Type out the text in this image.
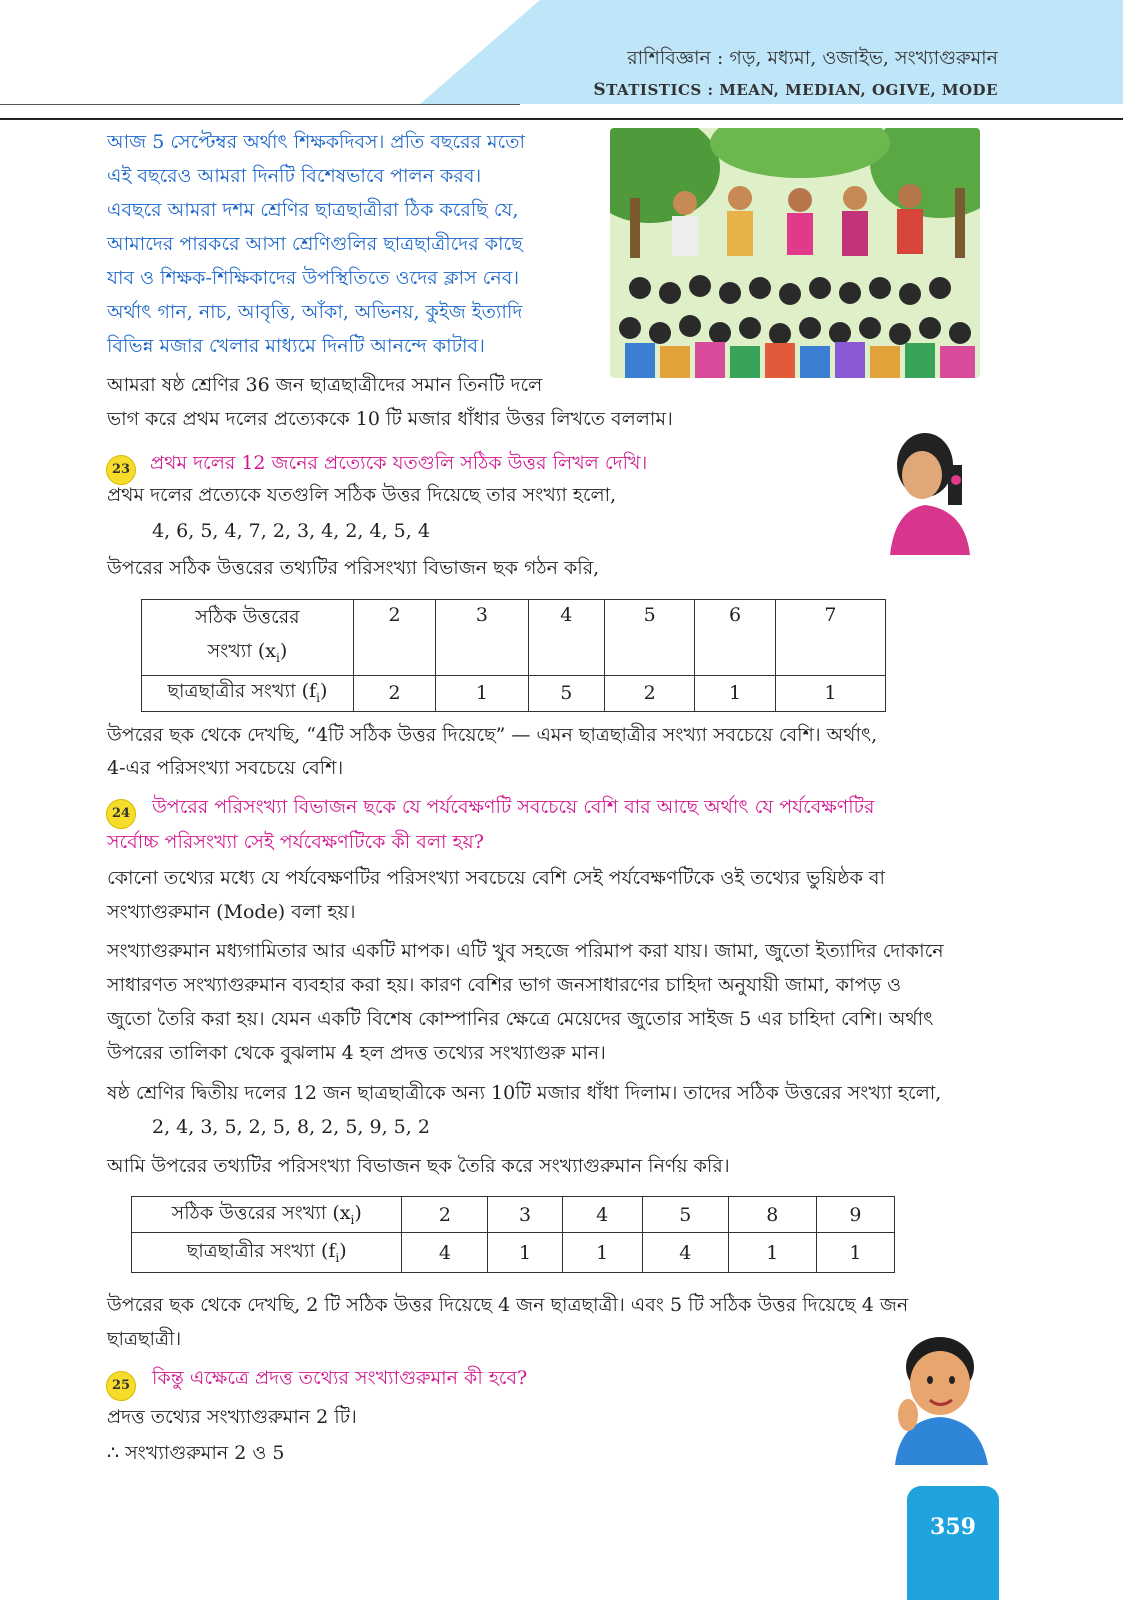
রাশিবিজ্ঞান : গড়, মধ্যমা, ওজাইভ, সংখ্যাগুরুমান
STATISTICS : MEAN, MEDIAN, OGIVE, MODE
আজ 5 সেপ্টেম্বর অর্থাৎ শিক্ষকদিবস। প্রতি বছরের মতো
এই বছরেও আমরা দিনটি বিশেষভাবে পালন করব।
এবছরে আমরা দশম শ্রেণির ছাত্রছাত্রীরা ঠিক করেছি যে,
আমাদের পারকরে আসা শ্রেণিগুলির ছাত্রছাত্রীদের কাছে
যাব ও শিক্ষক-শিক্ষিকাদের উপস্থিতিতে ওদের ক্লাস নেব।
অর্থাৎ গান, নাচ, আবৃত্তি, আঁকা, অভিনয়, কুইজ ইত্যাদি
বিভিন্ন মজার খেলার মাধ্যমে দিনটি আনন্দে কাটাব।
আমরা ষষ্ঠ শ্রেণির 36 জন ছাত্রছাত্রীদের সমান তিনটি দলে
ভাগ করে প্রথম দলের প্রত্যেককে 10 টি মজার ধাঁধার উত্তর লিখতে বললাম।
23	প্রথম দলের 12 জনের প্রত্যেকে যতগুলি সঠিক উত্তর লিখল দেখি।
প্রথম দলের প্রত্যেকে যতগুলি সঠিক উত্তর দিয়েছে তার সংখ্যা হলো,
4, 6, 5, 4, 7, 2, 3, 4, 2, 4, 5, 4
উপরের সঠিক উত্তরের তথ্যটির পরিসংখ্যা বিভাজন ছক গঠন করি,
সঠিক উত্তরের
সংখ্যা $(x_i)$	2	3	4	5	6	7
ছাত্রছাত্রীর সংখ্যা $(f_i)$	2	1	5	2	1	1
উপরের ছক থেকে দেখছি, “4টি সঠিক উত্তর দিয়েছে” — এমন ছাত্রছাত্রীর সংখ্যা সবচেয়ে বেশি। অর্থাৎ,
4-এর পরিসংখ্যা সবচেয়ে বেশি।
24	উপরের পরিসংখ্যা বিভাজন ছকে যে পর্যবেক্ষণটি সবচেয়ে বেশি বার আছে অর্থাৎ যে পর্যবেক্ষণটির
সর্বোচ্চ পরিসংখ্যা সেই পর্যবেক্ষণটিকে কী বলা হয়?
কোনো তথ্যের মধ্যে যে পর্যবেক্ষণটির পরিসংখ্যা সবচেয়ে বেশি সেই পর্যবেক্ষণটিকে ওই তথ্যের ভুয়িষ্ঠক বা
সংখ্যাগুরুমান (Mode) বলা হয়।
সংখ্যাগুরুমান মধ্যগামিতার আর একটি মাপক। এটি খুব সহজে পরিমাপ করা যায়। জামা, জুতো ইত্যাদির দোকানে
সাধারণত সংখ্যাগুরুমান ব্যবহার করা হয়। কারণ বেশির ভাগ জনসাধারণের চাহিদা অনুযায়ী জামা, কাপড় ও
জুতো তৈরি করা হয়। যেমন একটি বিশেষ কোম্পানির ক্ষেত্রে মেয়েদের জুতোর সাইজ 5 এর চাহিদা বেশি। অর্থাৎ
উপরের তালিকা থেকে বুঝলাম 4 হল প্রদত্ত তথ্যের সংখ্যাগুরু মান।
ষষ্ঠ শ্রেণির দ্বিতীয় দলের 12 জন ছাত্রছাত্রীকে অন্য 10টি মজার ধাঁধা দিলাম। তাদের সঠিক উত্তরের সংখ্যা হলো,
2, 4, 3, 5, 2, 5, 8, 2, 5, 9, 5, 2
আমি উপরের তথ্যটির পরিসংখ্যা বিভাজন ছক তৈরি করে সংখ্যাগুরুমান নির্ণয় করি।
সঠিক উত্তরের সংখ্যা $(x_i)$	2	3	4	5	8	9
ছাত্রছাত্রীর সংখ্যা $(f_i)$	4	1	1	4	1	1
উপরের ছক থেকে দেখছি, 2 টি সঠিক উত্তর দিয়েছে 4 জন ছাত্রছাত্রী। এবং 5 টি সঠিক উত্তর দিয়েছে 4 জন
ছাত্রছাত্রী।
25	কিন্তু এক্ষেত্রে প্রদত্ত তথ্যের সংখ্যাগুরুমান কী হবে?
প্রদত্ত তথ্যের সংখ্যাগুরুমান 2 টি।
∴ সংখ্যাগুরুমান 2 ও 5
359
